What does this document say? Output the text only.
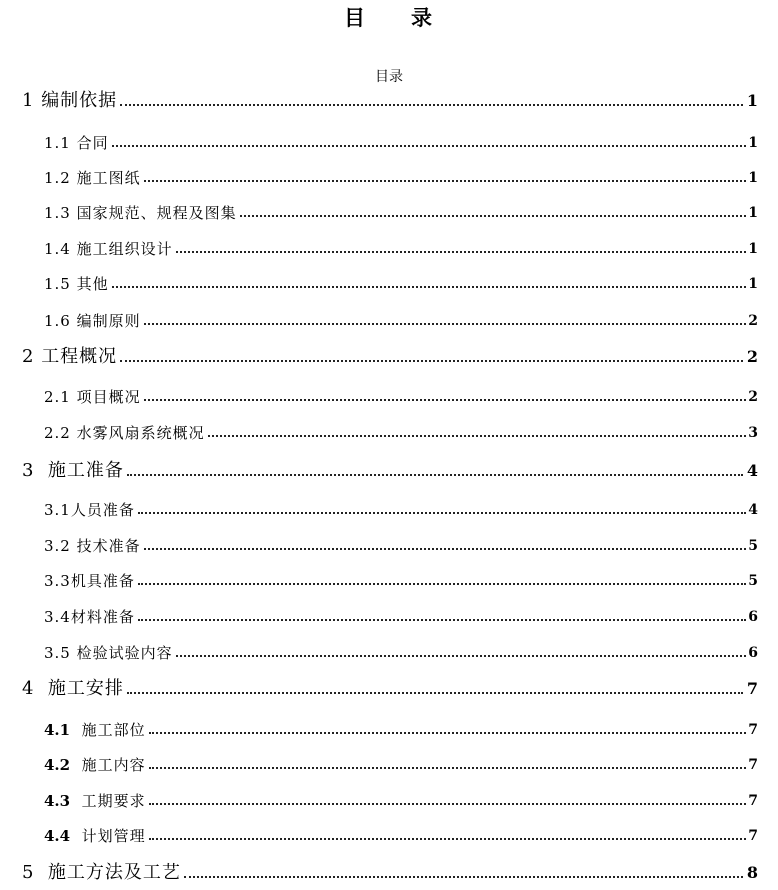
目 录
目录
1 编制依据	1
1.1 合同	1
1.2 施工图纸	1
1.3 国家规范、规程及图集	1
1.4 施工组织设计	1
1.5 其他	1
1.6 编制原则	2
2 工程概况	2
2.1 项目概况	2
2.2 水雾风扇系统概况	3
3 施工准备	4
3.1人员准备	4
3.2 技术准备	5
3.3机具准备	5
3.4材料准备	6
3.5 检验试验内容	6
4 施工安排	7
4.1 施工部位	7
4.2 施工内容	7
4.3 工期要求	7
4.4 计划管理	7
5 施工方法及工艺	8
